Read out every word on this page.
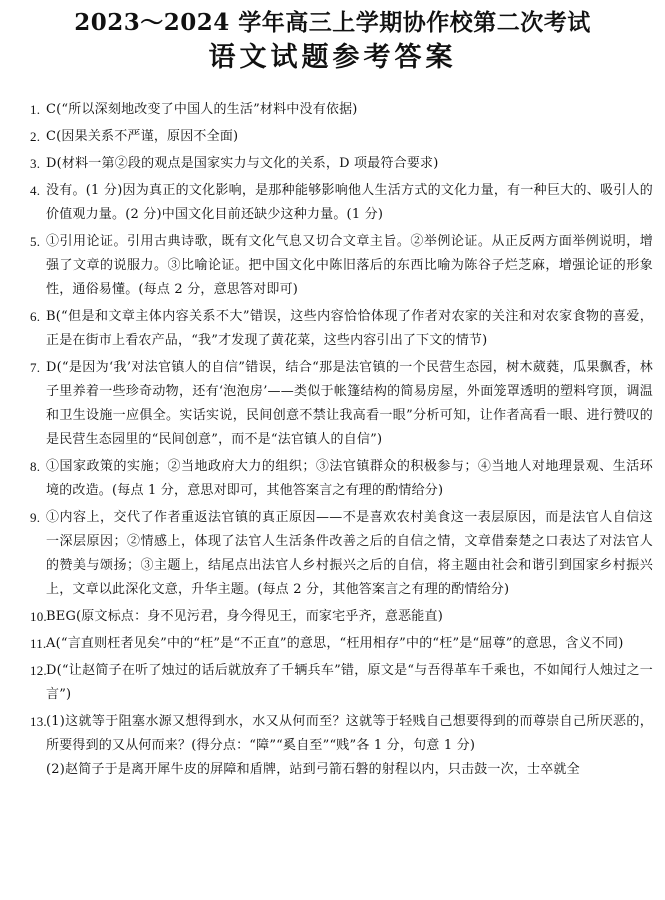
2023～2024 学年高三上学期协作校第二次考试
语文试题参考答案
1. C(“所以深刻地改变了中国人的生活”材料中没有依据)
2. C(因果关系不严谨，原因不全面)
3. D(材料一第②段的观点是国家实力与文化的关系，D 项最符合要求)
4. 没有。(1 分)因为真正的文化影响，是那种能够影响他人生活方式的文化力量，有一种巨大的、吸引人的价值观力量。(2 分)中国文化目前还缺少这种力量。(1 分)
5. ①引用论证。引用古典诗歌，既有文化气息又切合文章主旨。②举例论证。从正反两方面举例说明，增强了文章的说服力。③比喻论证。把中国文化中陈旧落后的东西比喻为陈谷子烂芝麻，增强论证的形象性，通俗易懂。(每点 2 分，意思答对即可)
6. B(“但是和文章主体内容关系不大”错误，这些内容恰恰体现了作者对农家的关注和对农家食物的喜爱，正是在街市上看农产品，“我”才发现了黄花菜，这些内容引出了下文的情节)
7. D(“是因为‘我’对法官镇人的自信”错误，结合“那是法官镇的一个民营生态园，树木葳蕤，瓜果飘香，林子里养着一些珍奇动物，还有‘泡泡房’——类似于帐篷结构的简易房屋，外面笼罩透明的塑料穹顶，调温和卫生设施一应俱全。实话实说，民间创意不禁让我高看一眼”分析可知，让作者高看一眼、进行赞叹的是民营生态园里的“民间创意”，而不是“法官镇人的自信”)
8. ①国家政策的实施；②当地政府大力的组织；③法官镇群众的积极参与；④当地人对地理景观、生活环境的改造。(每点 1 分，意思对即可，其他答案言之有理的酌情给分)
9. ①内容上，交代了作者重返法官镇的真正原因——不是喜欢农村美食这一表层原因，而是法官人自信这一深层原因；②情感上，体现了法官人生活条件改善之后的自信之情，文章借秦楚之口表达了对法官人的赞美与颂扬；③主题上，结尾点出法官人乡村振兴之后的自信，将主题由社会和谐引到国家乡村振兴上，文章以此深化文意，升华主题。(每点 2 分，其他答案言之有理的酌情给分)
10. BEG(原文标点：身不见污君，身今得见王，而家宅乎齐，意恶能直)
11. A(“言直则枉者见矣”中的“枉”是“不正直”的意思，“枉用相存”中的“枉”是“屈尊”的意思，含义不同)
12. D(“让赵简子在听了烛过的话后就放弃了千辆兵车”错，原文是“与吾得革车千乘也，不如闻行人烛过之一言”)
13. (1)这就等于阻塞水源又想得到水，水又从何而至？这就等于轻贱自己想要得到的而尊崇自己所厌恶的，所要得到的又从何而来？(得分点：“障”“奚自至”“贱”各 1 分，句意 1 分)
(2)赵简子于是离开犀牛皮的屏障和盾牌，站到弓箭石磐的射程以内，只击鼓一次，士卒就全
